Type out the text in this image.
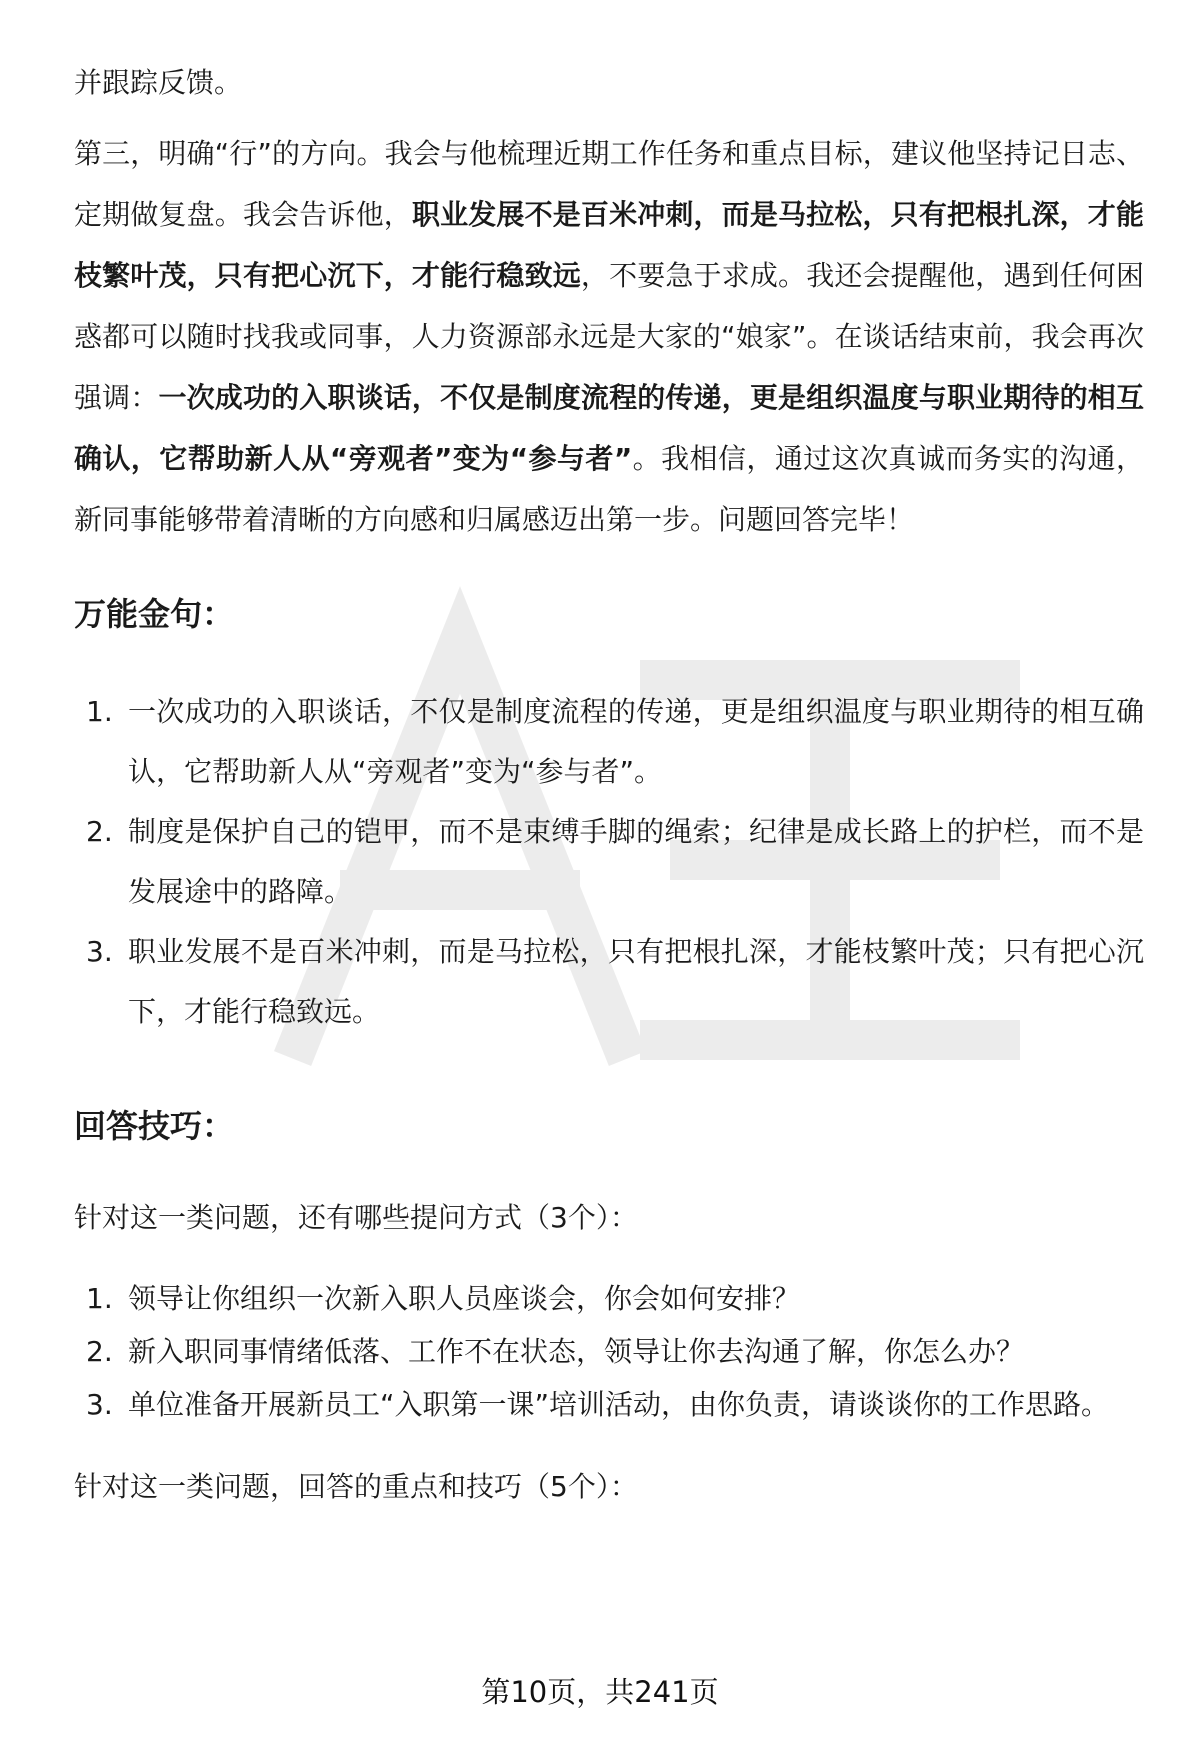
并跟踪反馈。

第三，明确“行”的方向。我会与他梳理近期工作任务和重点目标，建议他坚持记日志、定期做复盘。我会告诉他，职业发展不是百米冲刺，而是马拉松，只有把根扎深，才能枝繁叶茂，只有把心沉下，才能行稳致远，不要急于求成。我还会提醒他，遇到任何困惑都可以随时找我或同事，人力资源部永远是大家的“娘家”。在谈话结束前，我会再次强调：一次成功的入职谈话，不仅是制度流程的传递，更是组织温度与职业期待的相互确认，它帮助新人从“旁观者”变为“参与者”。我相信，通过这次真诚而务实的沟通，新同事能够带着清晰的方向感和归属感迈出第一步。问题回答完毕！

万能金句：
1. 一次成功的入职谈话，不仅是制度流程的传递，更是组织温度与职业期待的相互确认，它帮助新人从“旁观者”变为“参与者”。
2. 制度是保护自己的铠甲，而不是束缚手脚的绳索；纪律是成长路上的护栏，而不是发展途中的路障。
3. 职业发展不是百米冲刺，而是马拉松，只有把根扎深，才能枝繁叶茂；只有把心沉下，才能行稳致远。
回答技巧：

针对这一类问题，还有哪些提问方式（3个）：

1. 领导让你组织一次新入职人员座谈会，你会如何安排？
2. 新入职同事情绪低落、工作不在状态，领导让你去沟通了解，你怎么办？
3. 单位准备开展新员工“入职第一课”培训活动，由你负责，请谈谈你的工作思路。

针对这一类问题，回答的重点和技巧（5个）：

第10页，共241页
